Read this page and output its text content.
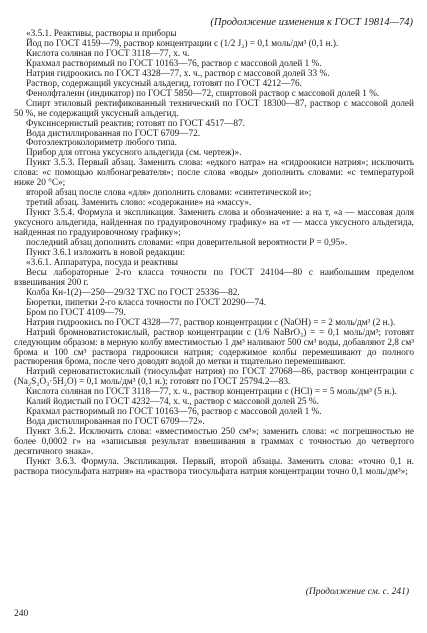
(Продолжение изменения к ГОСТ 19814—74)

«3.5.1. Реактивы, растворы и приборы

Йод по ГОСТ 4159—79, раствор концентрации с (1/2 J₂) = 0,1 моль/дм³ (0,1 н.).

Кислота соляная по ГОСТ 3118—77, х. ч.

Крахмал растворимый по ГОСТ 10163—76, раствор с массовой долей 1 %.

Натрия гидроокись по ГОСТ 4328—77, х. ч., раствор с массовой долей 33 %.

Раствор, содержащий уксусный альдегид, готовят по ГОСТ 4212—76.

Фенолфталеин (индикатор) по ГОСТ 5850—72, спиртовой раствор с массовой долей 1 %.

Спирт этиловый ректификованный технический по ГОСТ 18300—87, раствор с массовой долей 50 %, не содержащий уксусный альдегид.

Фуксинсернистый реактив; готовят по ГОСТ 4517—87.

Вода дистиллированная по ГОСТ 6709—72.

Фотоэлектроколориметр любого типа.

Прибор для отгона уксусного альдегида (см. чертеж)».

Пункт 3.5.3. Первый абзац. Заменить слова: «едкого натра» на «гидроокиси натрия»; исключить слова: «с помощью колбонагревателя»; после слова «воды» дополнить словами: «с температурой ниже 20 °С»;

второй абзац после слова «для» дополнить словами: «синтетической и»;

третий абзац. Заменить слово: «содержание» на «массу».

Пункт 3.5.4. Формула и экспликация. Заменить слова и обозначение: а на т, «а — массовая доля уксусного альдегида, найденная по градуировочному графику» на «т — масса уксусного альдегида, найденная по градуировочному графику»;

последний абзац дополнить словами: «при доверительной вероятности Р = 0,95».

Пункт 3.6.1 изложить в новой редакции:

«3.6.1. Аппаратура, посуда и реактивы

Весы лабораторные 2-го класса точности по ГОСТ 24104—80 с наибольшим пределом взвешивания 200 г.

Колба Кн-1(2)—250—29/32 ТХС по ГОСТ 25336—82.

Бюретки, пипетки 2-го класса точности по ГОСТ 20290—74.

Бром по ГОСТ 4109—79.

Натрия гидроокись по ГОСТ 4328—77, раствор концентрации с (NaOH) = = 2 моль/дм³ (2 н.).

Натрий бромноватистокислый, раствор концентрации с (1/6 NaBrO₃) = = 0,1 моль/дм³; готовят следующим образом: в мерную колбу вместимостью 1 дм³ наливают 500 см³ воды, добавляют 2,8 см³ брома и 100 см³ раствора гидроокиси натрия; содержимое колбы перемешивают до полного растворения брома, после чего доводят водой до метки и тщательно перемешивают.

Натрий серноватистокислый (тиосульфат натрия) по ГОСТ 27068—86, раствор концентрации с (Na₂S₂O₃·5H₂O) = 0,1 моль/дм³ (0,1 н.); готовят по ГОСТ 25794.2—83.

Кислота соляная по ГОСТ 3118—77, х. ч., раствор концентрации с (HCl) = = 5 моль/дм³ (5 н.).

Калий йодистый по ГОСТ 4232—74, х. ч., раствор с массовой долей 25 %.

Крахмал растворимый по ГОСТ 10163—76, раствор с массовой долей 1 %.

Вода дистиллированная по ГОСТ 6709—72».

Пункт 3.6.2. Исключить слова: «вместимостью 250 см³»; заменить слова: «с погрешностью не более 0,0002 г» на «записывая результат взвешивания в граммах с точностью до четвертого десятичного знака».

Пункт 3.6.3. Формула. Экспликация. Первый, второй абзацы. Заменить слова: «точно 0,1 н. раствора тиосульфата натрия» на «раствора тиосульфата натрия концентрации точно 0,1 моль/дм³»;

(Продолжение см. с. 241)
240
